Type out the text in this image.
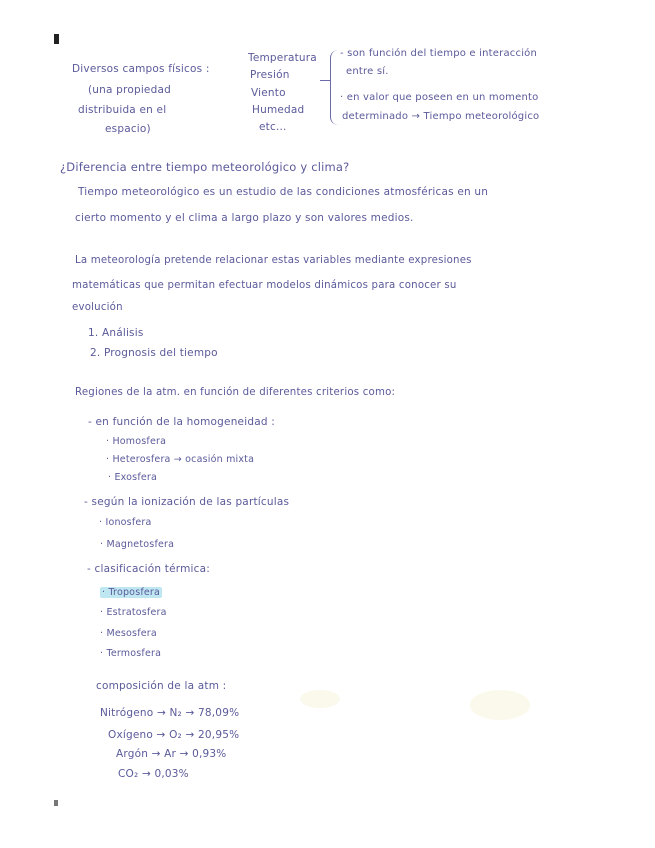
Diversos campos físicos :
(una propiedad
distribuida en el
espacio)
Temperatura
Presión
Viento
Humedad
etc...
- son función del tiempo e interacción
entre sí.
· en valor que poseen en un momento
determinado → Tiempo meteorológico
¿Diferencia entre tiempo meteorológico y clima?
Tiempo meteorológico es un estudio de las condiciones atmosféricas en un
cierto momento y el clima a largo plazo y son valores medios.
La meteorología pretende relacionar estas variables mediante expresiones
matemáticas que permitan efectuar modelos dinámicos para conocer su
evolución
1. Análisis
2. Prognosis del tiempo
Regiones de la atm. en función de diferentes criterios como:
- en función de la homogeneidad :
· Homosfera
· Heterosfera → ocasión mixta
· Exosfera
- según la ionización de las partículas
· Ionosfera
· Magnetosfera
- clasificación térmica:
· Troposfera
· Estratosfera
· Mesosfera
· Termosfera
composición de la atm :
Nitrógeno → N₂ → 78,09%
Oxígeno → O₂ → 20,95%
Argón → Ar → 0,93%
CO₂ → 0,03%
